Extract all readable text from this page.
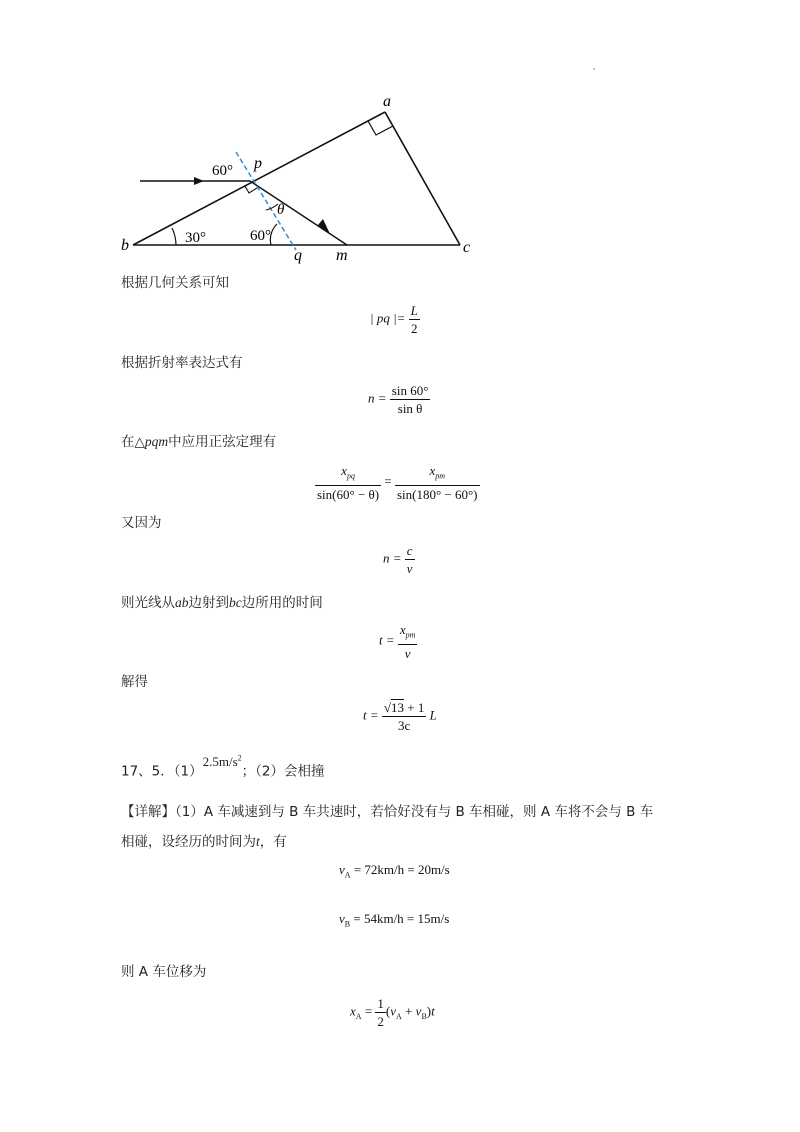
·
a
b	c
p
q m
60°
30°	60°
θ
根据几何关系可知
| pq |= $\frac{L}{2}$
根据折射率表达式有
$n = \frac{\sin 60^\circ}{\text{sin θ}}$
在△pqm中应用正弦定理有
$\frac{x_{pq}}{\sin(60^\circ - \theta)} = \frac{x_{pm}}{\sin(180^\circ - 60^\circ)}$
又因为
$n = \frac{c}{v}$
则光线从ab边射到bc边所用的时间
$t = \frac{x_{pm}}{v}$
解得
$t = \frac{√13 + 1}{3c}$ L
17、5．$(1)2.5m/s^2$；（2）会相撞
【详解】（1）A 车减速到与 B 车共速时，若恰好没有与 B 车相碰，则 A 车将不会与 B 车
相碰，设经历的时间为t，有
$v_A = 72km/h = 20m/s$
$v_B = 54km/h = 15m/s$
则 A 车位移为
$x_A = \frac{1}{2} (v_A + v_B)t$
